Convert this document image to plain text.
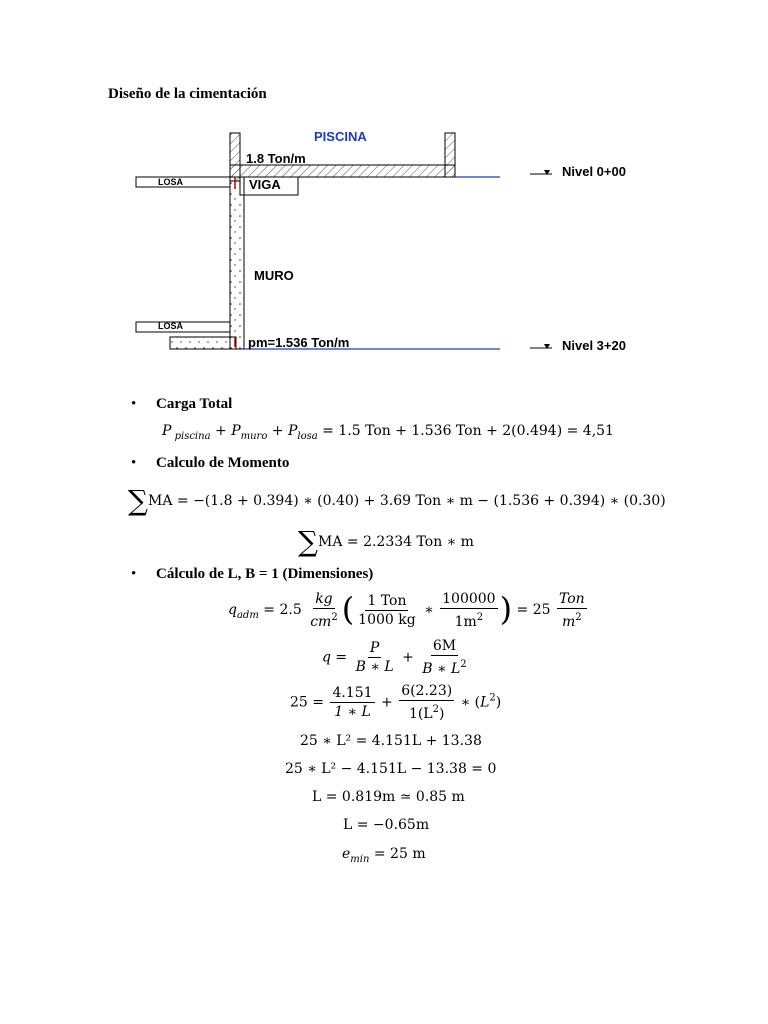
Diseño de la cimentación
PISCINA
1.8 Ton/m
VIGA
LOSA
MURO
LOSA
pm=1.536 Ton/m
Nivel 0+00
Nivel 3+20
• Carga Total
P $_{piscina} + P_{muro} + P_{losa} = 1.5$ Ton + 1.536 Ton + 2(0.494) = 4,51
• Calculo de Momento
∑MA = −(1.8 + 0.394) ∗ (0.40) + 3.69 Ton ∗ m − (1.536 + 0.394) ∗ (0.30)
∑MA = 2.2334 Ton ∗ m
• Cálculo de L, B = 1 (Dimensiones)
$q_{adm} = 2.5 \frac{kg}{cm^2}$ ( $\frac{\text{1 Ton}}{1000 kg}$ ∗ $\frac{100000}{1m^2}$ ) = $25 \frac{\text{Ton}}{m^2}$
$q = \frac{P}{B ∗ L} + \frac{6M}{B ∗ L^2}$
$25 = \frac{4.151}{1 ∗ L} + \frac{6(2.23)}{1(L^2)}$ ∗ $(L^2)$
25 ∗ L² = 4.151L + 13.38
25 ∗ L² − 4.151L − 13.38 = 0
L = 0.819m ≃ 0.85 m
L = −0.65m
$e_{min} = 25$ m
